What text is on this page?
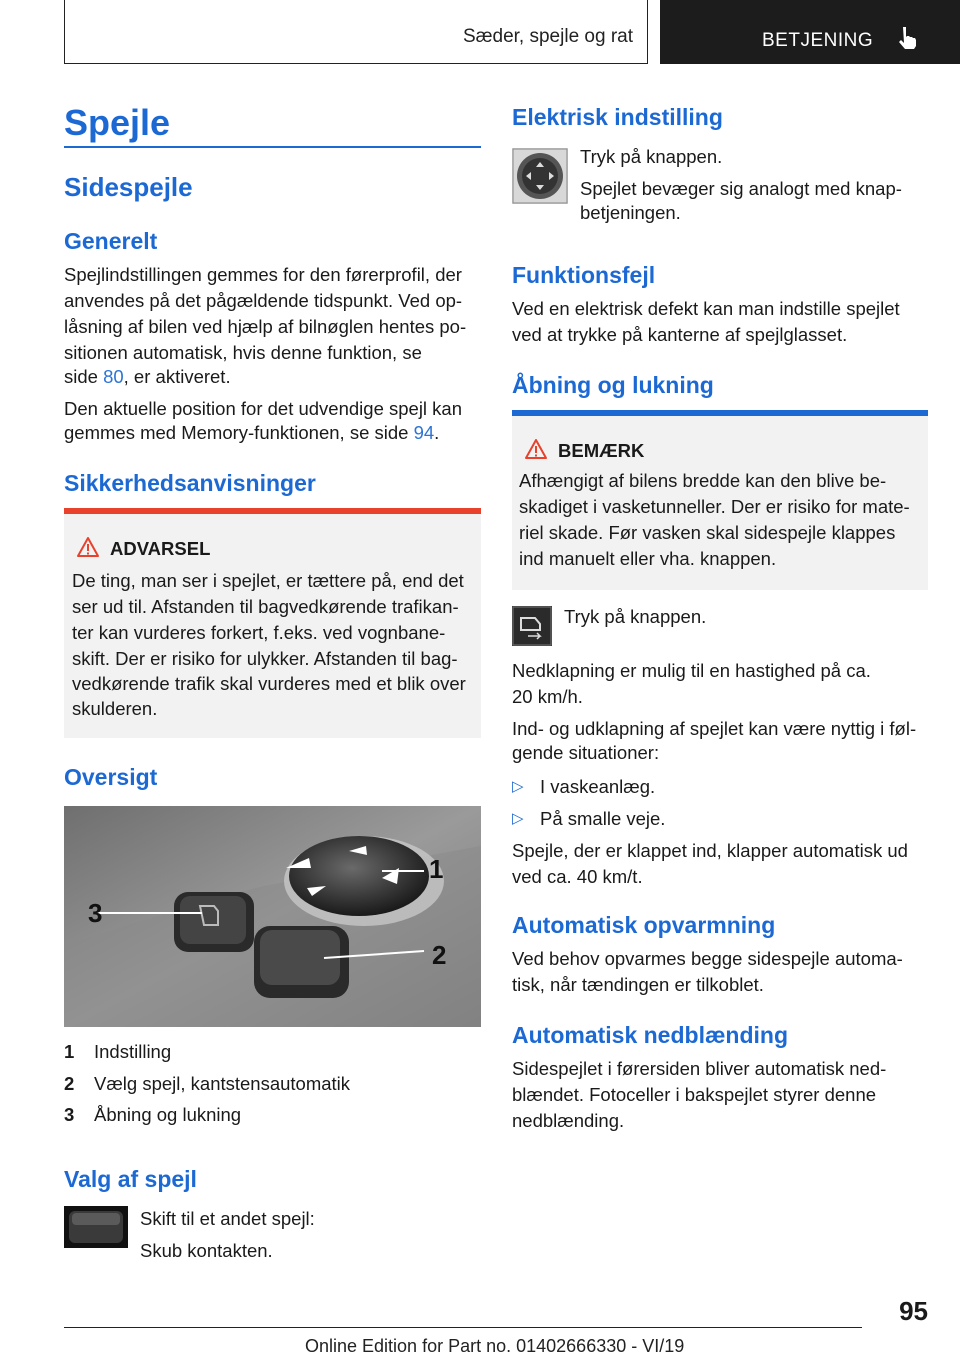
Sæder, spejle og rat	BETJENING
Spejle
Sidespejle
Generelt

Spejlindstillingen gemmes for den førerprofil, der

anvendes på det pågældende tidspunkt. Ved op-

låsning af bilen ved hjælp af bilnøglen hentes po-

sitionen automatisk, hvis denne funktion, se

side 80, er aktiveret.

Den aktuelle position for det udvendige spejl kan

gemmes med Memory-funktionen, se side 94.

Sikkerhedsanvisninger
ADVARSEL

De ting, man ser i spejlet, er tættere på, end det

ser ud til. Afstanden til bagvedkørende trafikan-

ter kan vurderes forkert, f.eks. ved vognbane-

skift. Der er risiko for ulykker. Afstanden til bag-

vedkørende trafik skal vurderes med et blik over

skulderen.

Oversigt
1
2
3
1 Indstilling
2 Vælg spejl, kantstensautomatik
3 Åbning og lukning
Valg af spejl

Skift til et andet spejl:

Skub kontakten.

Elektrisk indstilling

Tryk på knappen.

Spejlet bevæger sig analogt med knap-

betjeningen.

Funktionsfejl

Ved en elektrisk defekt kan man indstille spejlet

ved at trykke på kanterne af spejlglasset.

Åbning og lukning
BEMÆRK

Afhængigt af bilens bredde kan den blive be-

skadiget i vasketunneller. Der er risiko for mate-

riel skade. Før vasken skal sidespejle klappes

ind manuelt eller vha. knappen.

Tryk på knappen.

Nedklapning er mulig til en hastighed på ca.

20 km/h.

Ind- og udklapning af spejlet kan være nyttig i føl-

gende situationer:

▷ I vaskeanlæg.

▷ På smalle veje.

Spejle, der er klappet ind, klapper automatisk ud

ved ca. 40 km/t.

Automatisk opvarmning

Ved behov opvarmes begge sidespejle automa-

tisk, når tændingen er tilkoblet.

Automatisk nedblænding

Sidespejlet i førersiden bliver automatisk ned-

blændet. Fotoceller i bakspejlet styrer denne

nedblænding.

95
Online Edition for Part no. 01402666330 - VI/19
